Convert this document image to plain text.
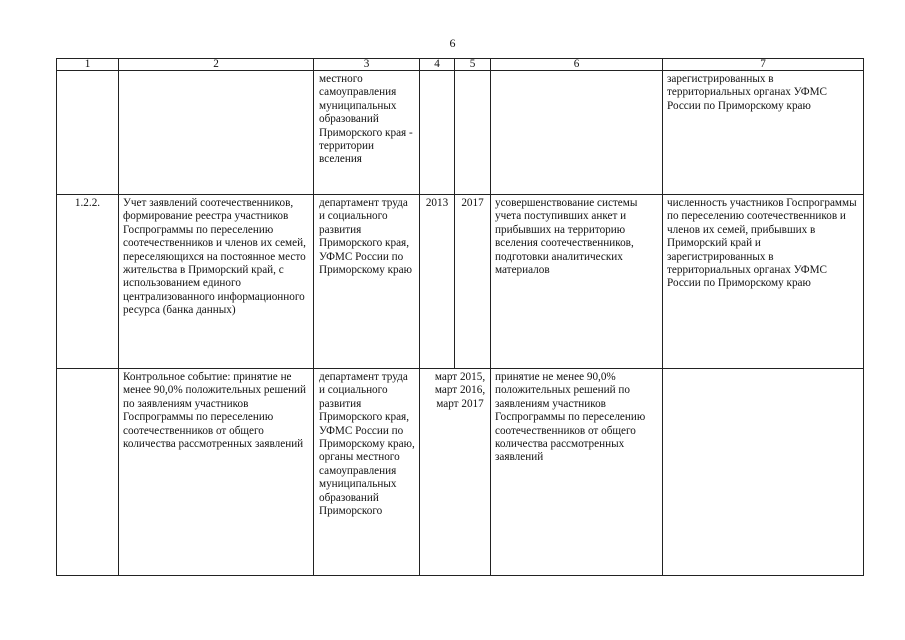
6
1	2	3	4	5	6	7
		местного самоуправления муниципальных образований Приморского края - территории вселения				зарегистрированных в территориальных органах УФМС России по Приморскому краю
1.2.2.	Учет заявлений соотечественников, формирование реестра участников Госпрограммы по переселению соотечественников и членов их семей, переселяющихся на постоянное место жительства в Приморский край, с использованием единого централизованного информационного ресурса (банка данных)	департамент труда и социального развития Приморского края, УФМС России по Приморскому краю	2013	2017	усовершенствование системы учета поступивших анкет и прибывших на территорию вселения соотечественников, подготовки аналитических материалов	численность участников Госпрограммы по переселению соотечественников и членов их семей, прибывших в Приморский край и зарегистрированных в территориальных органах УФМС России по Приморскому краю
	Контрольное событие: принятие не менее 90,0% положительных решений по заявлениям участников Госпрограммы по переселению соотечественников от общего количества рассмотренных заявлений	департамент труда и социального развития Приморского края, УФМС России по Приморскому краю, органы местного самоуправления муниципальных образований Приморского	март 2015, март 2016, март 2017		принятие не менее 90,0% положительных решений по заявлениям участников Госпрограммы по переселению соотечественников от общего количества рассмотренных заявлений	
